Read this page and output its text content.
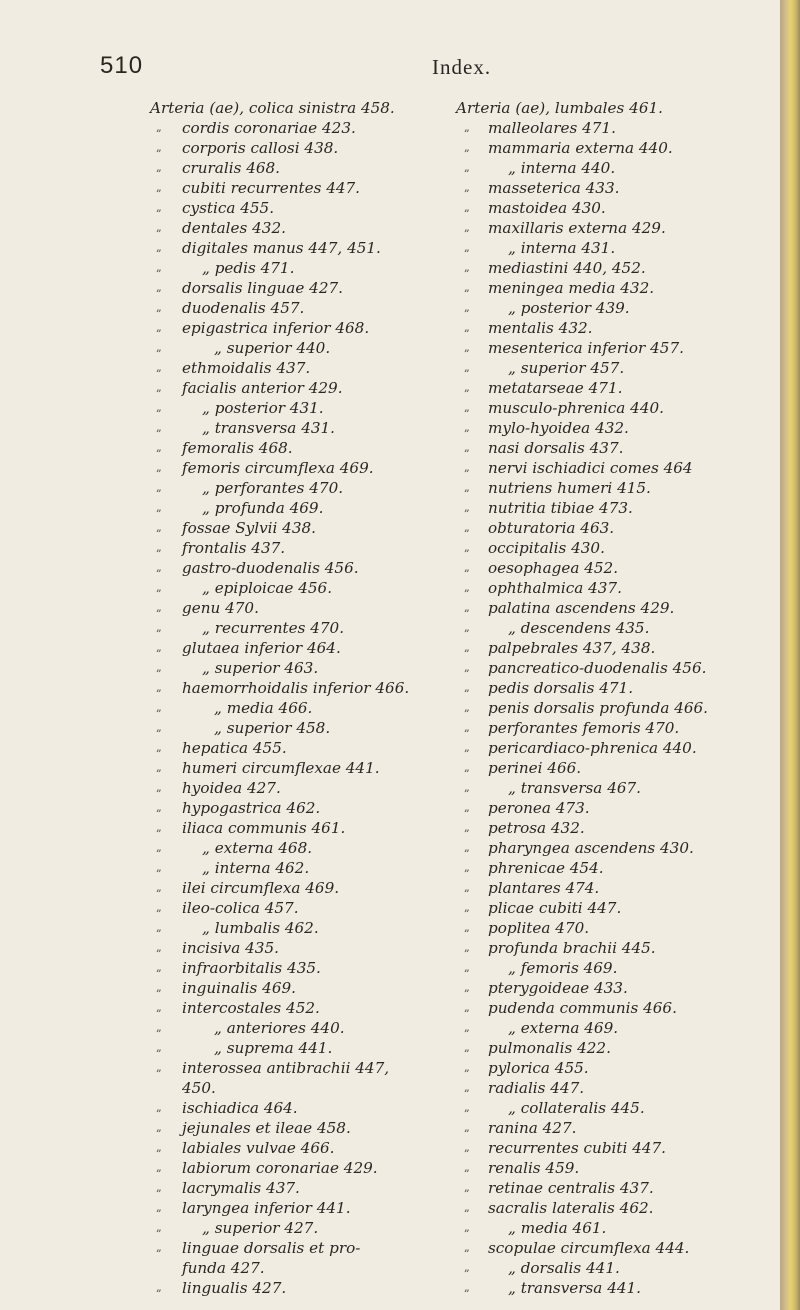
510	Index.
Arteria (ae), colica sinistra 458.
„	cordis coronariae 423.
„	corporis callosi 438.
„	cruralis 468.
„	cubiti recurrentes 447.
„	cystica 455.
„	dentales 432.
„	digitales manus 447, 451.
„	„ pedis 471.
„	dorsalis linguae 427.
„	duodenalis 457.
„	epigastrica inferior 468.
„	„ superior 440.
„	ethmoidalis 437.
„	facialis anterior 429.
„	„ posterior 431.
„	„ transversa 431.
„	femoralis 468.
„	femoris circumflexa 469.
„	„ perforantes 470.
„	„ profunda 469.
„	fossae Sylvii 438.
„	frontalis 437.
„	gastro-duodenalis 456.
„	„ epiploicae 456.
„	genu 470.
„	„ recurrentes 470.
„	glutaea inferior 464.
„	„ superior 463.
„	haemorrhoidalis inferior 466.
„	„ media 466.
„	„ superior 458.
„	hepatica 455.
„	humeri circumflexae 441.
„	hyoidea 427.
„	hypogastrica 462.
„	iliaca communis 461.
„	„ externa 468.
„	„ interna 462.
„	ilei circumflexa 469.
„	ileo-colica 457.
„	„ lumbalis 462.
„	incisiva 435.
„	infraorbitalis 435.
„	inguinalis 469.
„	intercostales 452.
„	„ anteriores 440.
„	„ suprema 441.
„	interossea antibrachii 447,
450.
„	ischiadica 464.
„	jejunales et ileae 458.
„	labiales vulvae 466.
„	labiorum coronariae 429.
„	lacrymalis 437.
„	laryngea inferior 441.
„	„ superior 427.
„	linguae dorsalis et pro-
funda 427.
„	lingualis 427.
Arteria (ae), lumbales 461.
„	malleolares 471.
„	mammaria externa 440.
„	„ interna 440.
„	masseterica 433.
„	mastoidea 430.
„	maxillaris externa 429.
„	„ interna 431.
„	mediastini 440, 452.
„	meningea media 432.
„	„ posterior 439.
„	mentalis 432.
„	mesenterica inferior 457.
„	„ superior 457.
„	metatarseae 471.
„	musculo-phrenica 440.
„	mylo-hyoidea 432.
„	nasi dorsalis 437.
„	nervi ischiadici comes 464
„	nutriens humeri 415.
„	nutritia tibiae 473.
„	obturatoria 463.
„	occipitalis 430.
„	oesophagea 452.
„	ophthalmica 437.
„	palatina ascendens 429.
„	„ descendens 435.
„	palpebrales 437, 438.
„	pancreatico-duodenalis 456.
„	pedis dorsalis 471.
„	penis dorsalis profunda 466.
„	perforantes femoris 470.
„	pericardiaco-phrenica 440.
„	perinei 466.
„	„ transversa 467.
„	peronea 473.
„	petrosa 432.
„	pharyngea ascendens 430.
„	phrenicae 454.
„	plantares 474.
„	plicae cubiti 447.
„	poplitea 470.
„	profunda brachii 445.
„	„ femoris 469.
„	pterygoideae 433.
„	pudenda communis 466.
„	„ externa 469.
„	pulmonalis 422.
„	pylorica 455.
„	radialis 447.
„	„ collateralis 445.
„	ranina 427.
„	recurrentes cubiti 447.
„	renalis 459.
„	retinae centralis 437.
„	sacralis lateralis 462.
„	„ media 461.
„	scopulae circumflexa 444.
„	„ dorsalis 441.
„	„ transversa 441.
